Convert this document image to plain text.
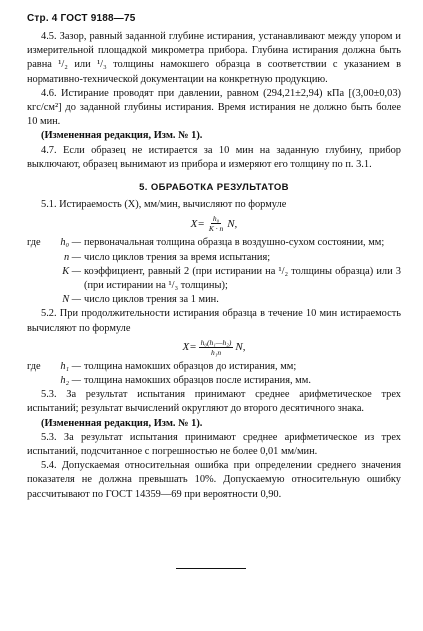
Стр. 4 ГОСТ 9188—75

4.5. Зазор, равный заданной глубине истирания, устанавливают между упором и измерительной площадкой микрометра прибора. Глубина истирания должна быть равна ¹/₂ или ¹/₃ толщины намокшего образца в соответствии с указанием в нормативно-технической документации на конкретную продукцию.

4.6. Истирание проводят при давлении, равном (294,21±2,94) кПа [(3,00±0,03) кгс/см²] до заданной глубины истирания. Время истирания не должно быть более 10 мин.

(Измененная редакция, Изм. № 1).

4.7. Если образец не истирается за 10 мин на заданную глубину, прибор выключают, образец вынимают из прибора и измеряют его толщину по п. 3.1.

5. ОБРАБОТКА РЕЗУЛЬТАТОВ

5.1. Истираемость (X), мм/мин, вычисляют по формуле

$X= \frac{\text{h₀}}{K \cdot n} N$,
где	h₀ — первоначальная толщина образца в воздушно-сухом состоянии, мм;
n — число циклов трения за время испытания;
K — коэффициент, равный 2 (при истирании на ¹/₂ толщины образца) или 3 (при истирании на ¹/₃ толщины);
N — число циклов трения за 1 мин.

5.2. При продолжительности истирания образца в течение 10 мин истираемость вычисляют по формуле

$X= \frac{\text{h₀(h₁—h₂)}}{\text{h₁n}} N$,
где	h₁ — толщина намокших образцов до истирания, мм;
h₂ — толщина намокших образцов после истирания, мм.

5.3. За результат испытания принимают среднее арифметическое трех испытаний; результат вычислений округляют до второго десятичного знака.

(Измененная редакция, Изм. № 1).

5.3. За результат испытания принимают среднее арифметическое из трех испытаний, подсчитанное с погрешностью не более 0,01 мм/мин.

5.4. Допускаемая относительная ошибка при определении среднего значения показателя не должна превышать 10%. Допускаемую относительную ошибку рассчитывают по ГОСТ 14359—69 при вероятности 0,90.
